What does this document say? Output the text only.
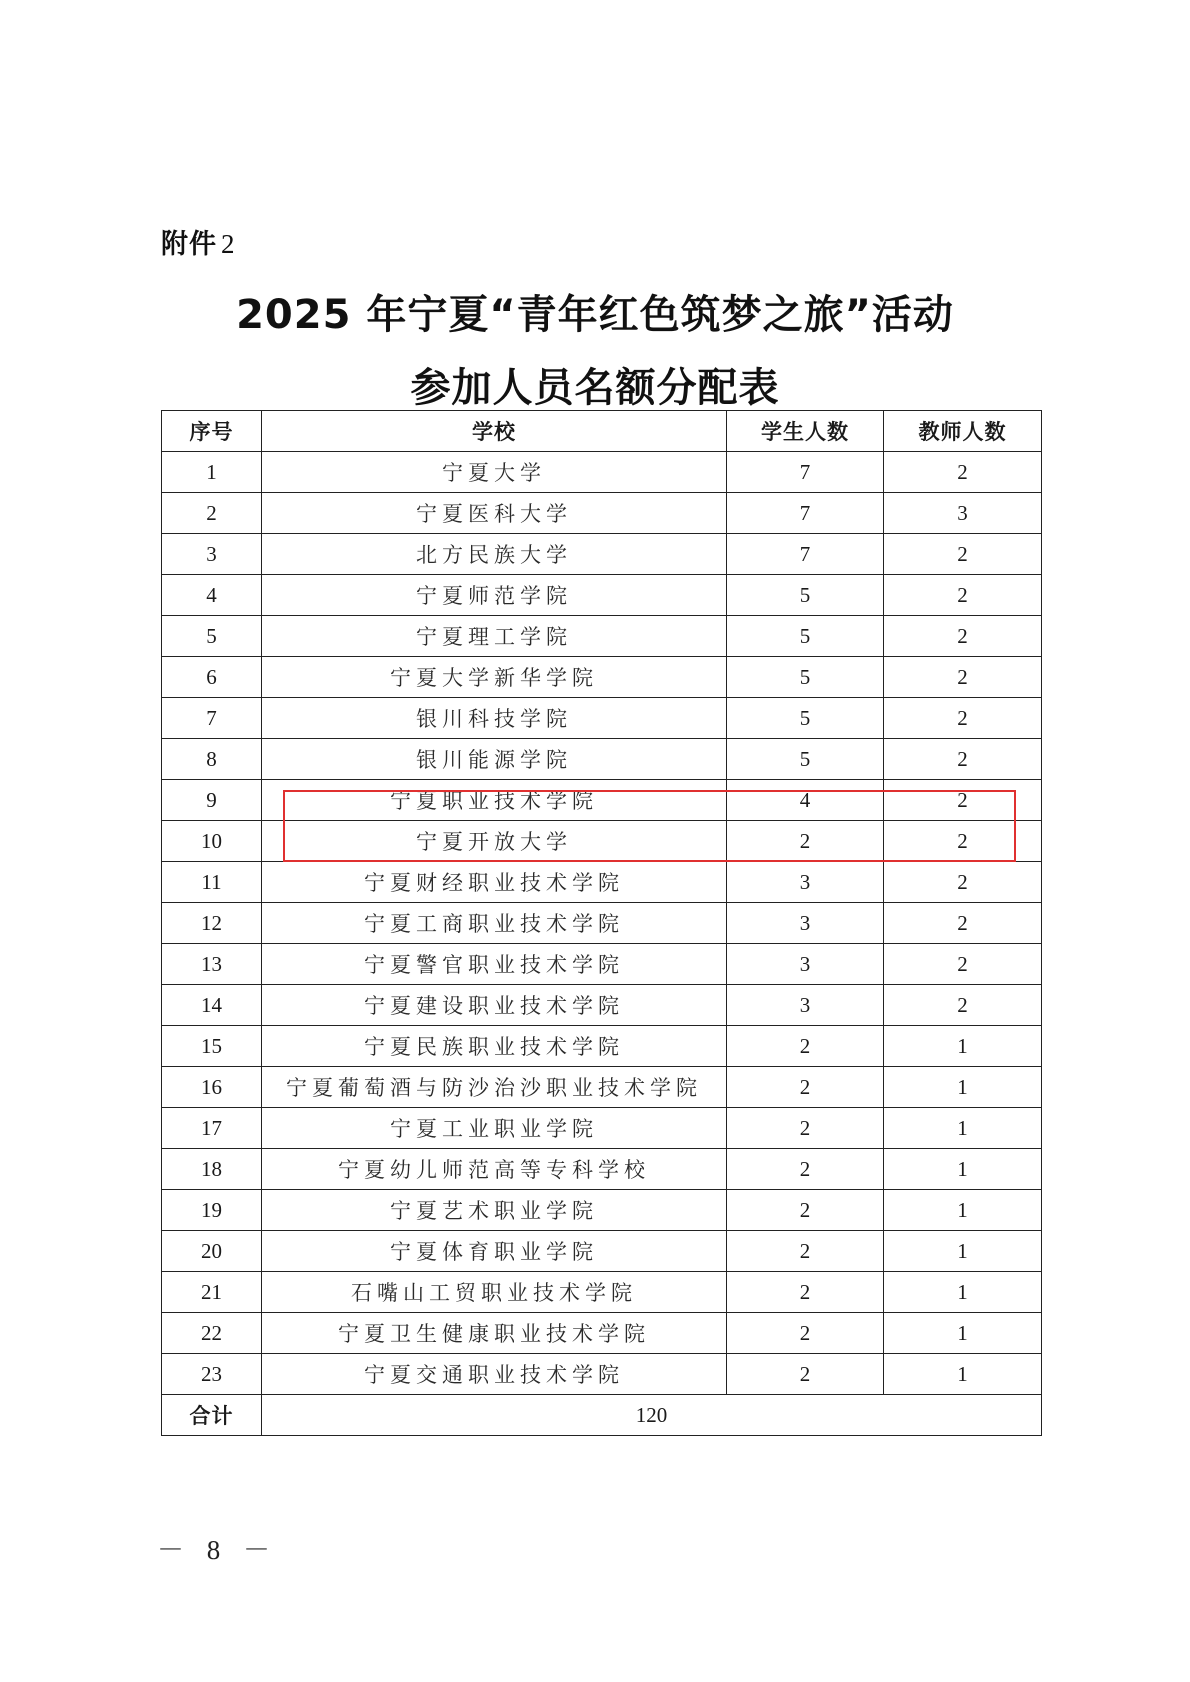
附件 2
2025 年宁夏“青年红色筑梦之旅”活动
参加人员名额分配表
序号	学校	学生人数	教师人数
1	宁夏大学	7	2
2	宁夏医科大学	7	3
3	北方民族大学	7	2
4	宁夏师范学院	5	2
5	宁夏理工学院	5	2
6	宁夏大学新华学院	5	2
7	银川科技学院	5	2
8	银川能源学院	5	2
9	宁夏职业技术学院	4	2
10	宁夏开放大学	2	2
11	宁夏财经职业技术学院	3	2
12	宁夏工商职业技术学院	3	2
13	宁夏警官职业技术学院	3	2
14	宁夏建设职业技术学院	3	2
15	宁夏民族职业技术学院	2	1
16	宁夏葡萄酒与防沙治沙职业技术学院	2	1
17	宁夏工业职业学院	2	1
18	宁夏幼儿师范高等专科学校	2	1
19	宁夏艺术职业学院	2	1
20	宁夏体育职业学院	2	1
21	石嘴山工贸职业技术学院	2	1
22	宁夏卫生健康职业技术学院	2	1
23	宁夏交通职业技术学院	2	1
合计	120		
－ 8 －
